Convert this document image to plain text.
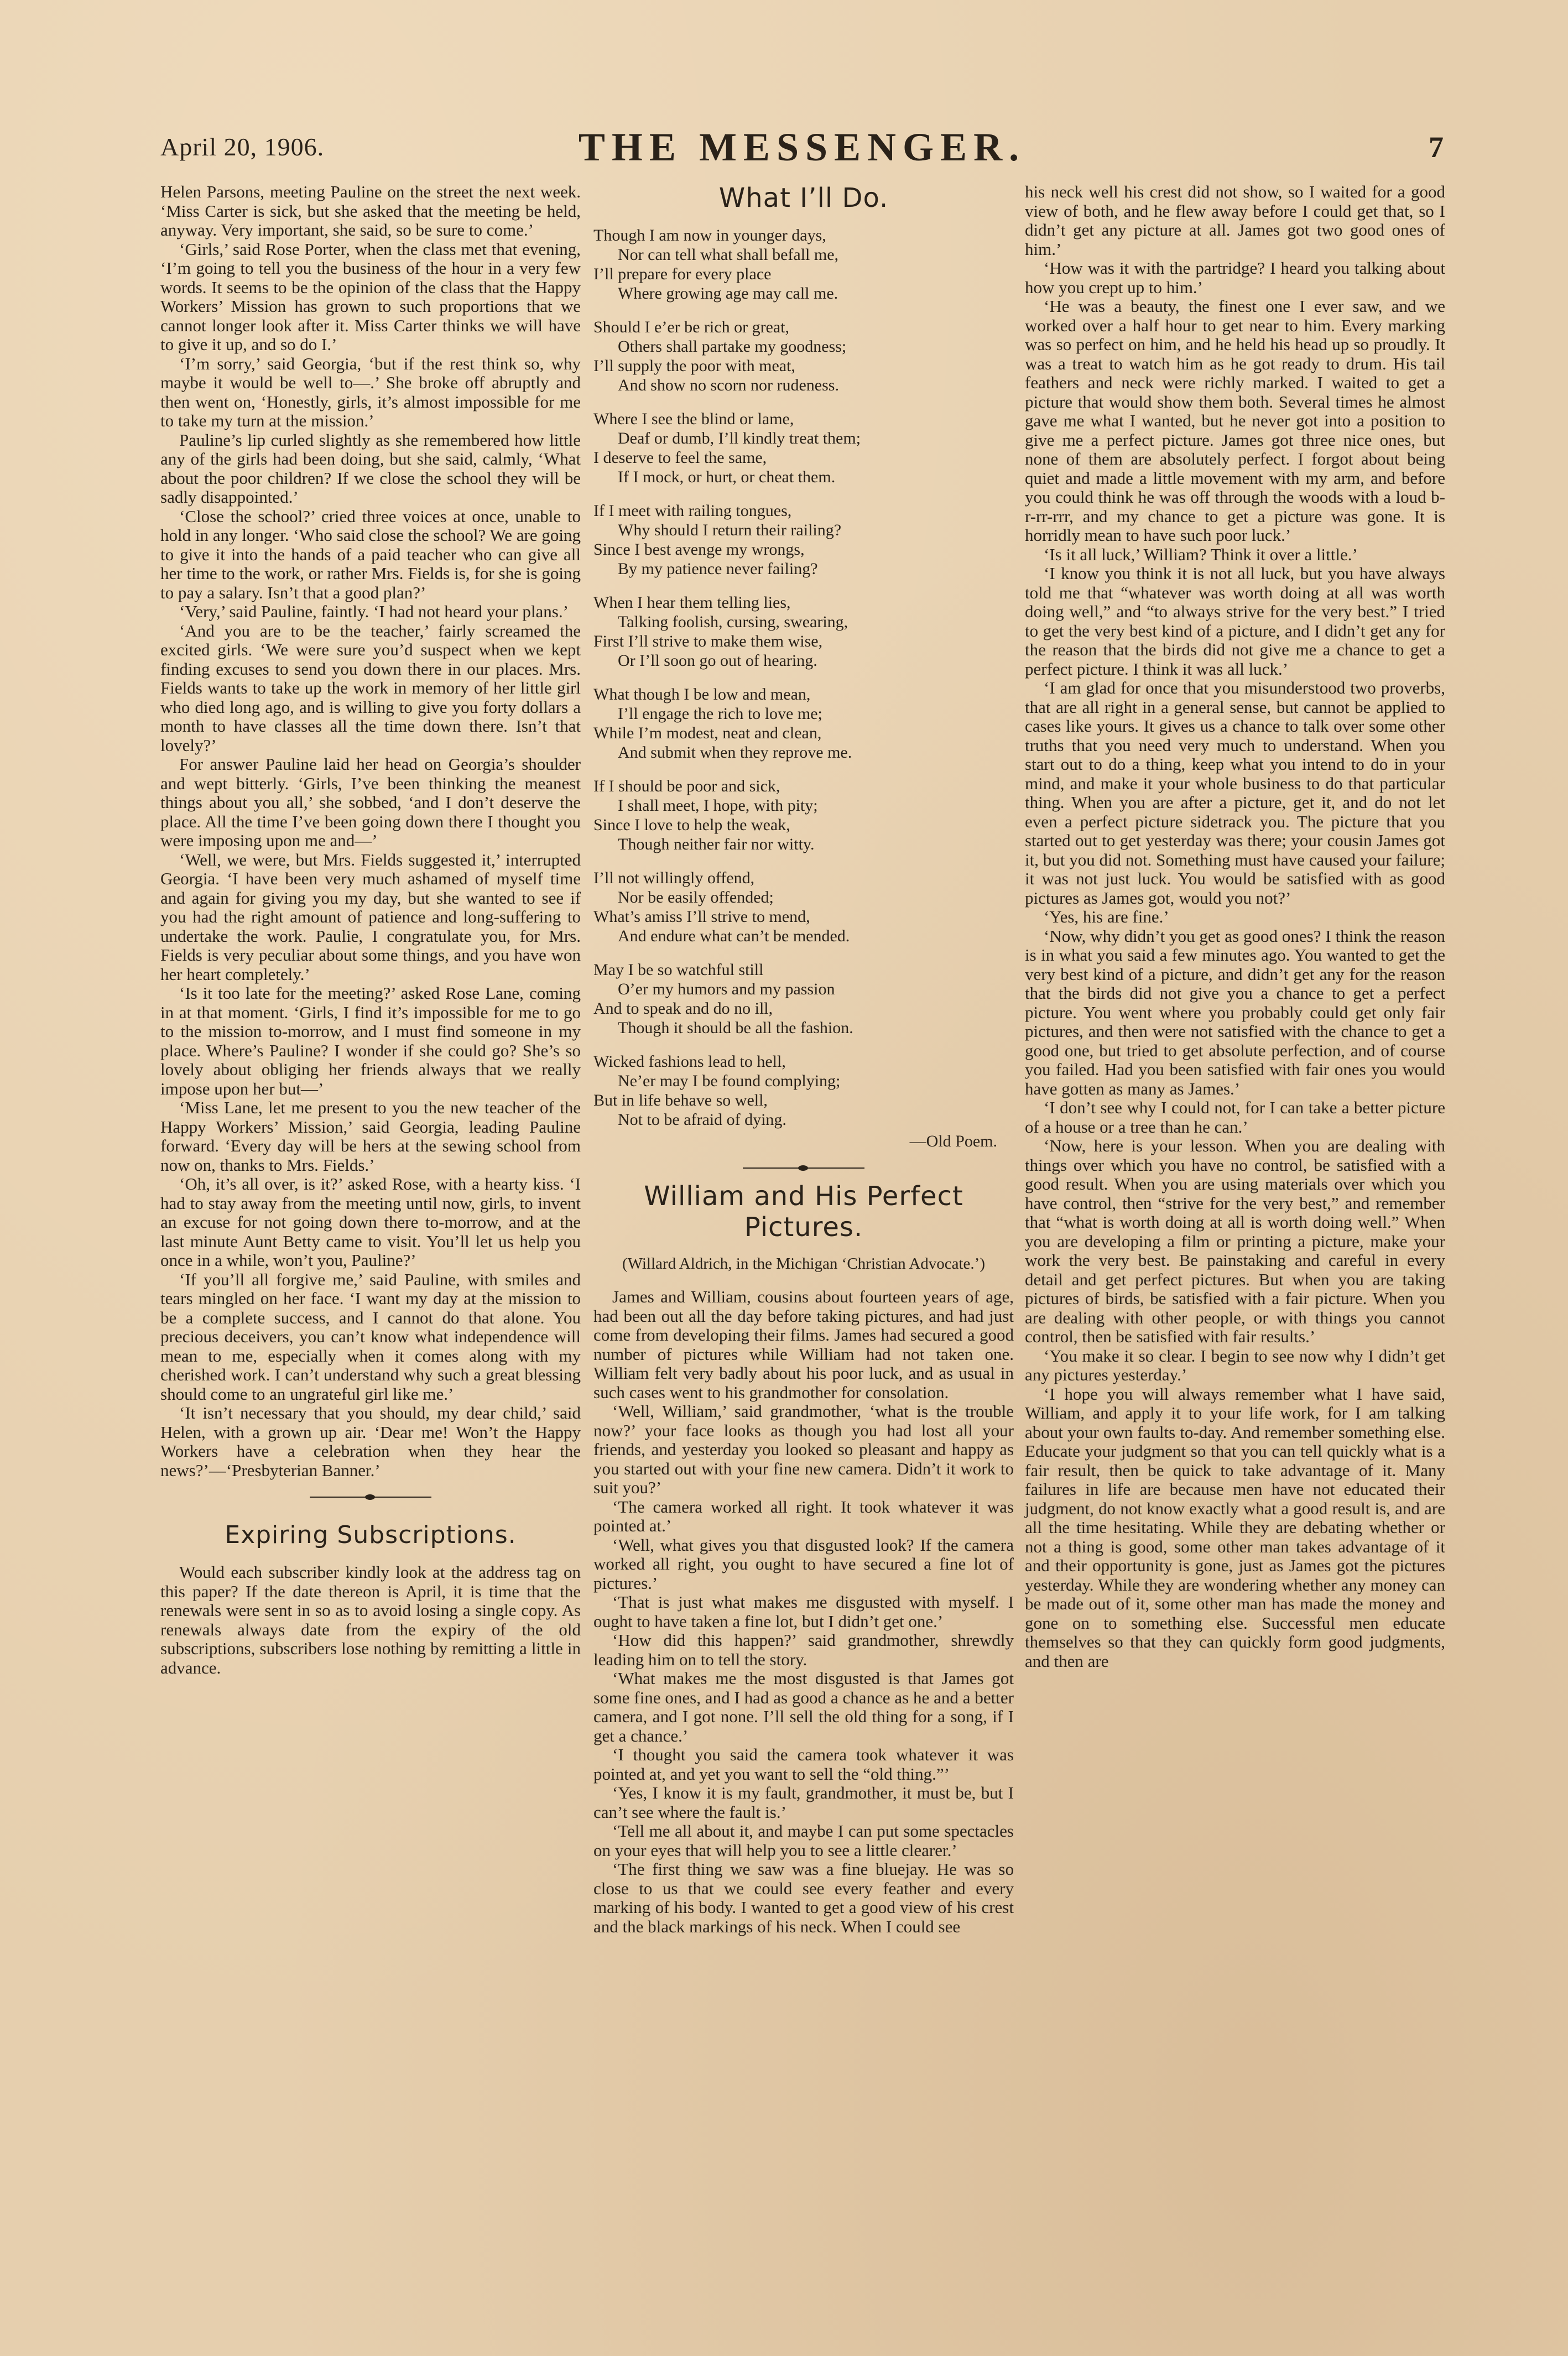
April 20, 1906.	THE MESSENGER.	7

Helen Parsons, meeting Pauline on the street the next week. ‘Miss Carter is sick, but she asked that the meeting be held, anyway. Very important, she said, so be sure to come.’

‘Girls,’ said Rose Porter, when the class met that evening, ‘I’m going to tell you the business of the hour in a very few words. It seems to be the opinion of the class that the Happy Workers’ Mission has grown to such proportions that we cannot longer look after it. Miss Carter thinks we will have to give it up, and so do I.’

‘I’m sorry,’ said Georgia, ‘but if the rest think so, why maybe it would be well to—.’ She broke off abruptly and then went on, ‘Honestly, girls, it’s almost impossible for me to take my turn at the mission.’

Pauline’s lip curled slightly as she remembered how little any of the girls had been doing, but she said, calmly, ‘What about the poor children? If we close the school they will be sadly disappointed.’

‘Close the school?’ cried three voices at once, unable to hold in any longer. ‘Who said close the school? We are going to give it into the hands of a paid teacher who can give all her time to the work, or rather Mrs. Fields is, for she is going to pay a salary. Isn’t that a good plan?’

‘Very,’ said Pauline, faintly. ‘I had not heard your plans.’

‘And you are to be the teacher,’ fairly screamed the excited girls. ‘We were sure you’d suspect when we kept finding excuses to send you down there in our places. Mrs. Fields wants to take up the work in memory of her little girl who died long ago, and is willing to give you forty dollars a month to have classes all the time down there. Isn’t that lovely?’

For answer Pauline laid her head on Georgia’s shoulder and wept bitterly. ‘Girls, I’ve been thinking the meanest things about you all,’ she sobbed, ‘and I don’t deserve the place. All the time I’ve been going down there I thought you were imposing upon me and—’

‘Well, we were, but Mrs. Fields suggested it,’ interrupted Georgia. ‘I have been very much ashamed of myself time and again for giving you my day, but she wanted to see if you had the right amount of patience and long-suffering to undertake the work. Paulie, I congratulate you, for Mrs. Fields is very peculiar about some things, and you have won her heart completely.’

‘Is it too late for the meeting?’ asked Rose Lane, coming in at that moment. ‘Girls, I find it’s impossible for me to go to the mission to-morrow, and I must find someone in my place. Where’s Pauline? I wonder if she could go? She’s so lovely about obliging her friends always that we really impose upon her but—’

‘Miss Lane, let me present to you the new teacher of the Happy Workers’ Mission,’ said Georgia, leading Pauline forward. ‘Every day will be hers at the sewing school from now on, thanks to Mrs. Fields.’

‘Oh, it’s all over, is it?’ asked Rose, with a hearty kiss. ‘I had to stay away from the meeting until now, girls, to invent an excuse for not going down there to-morrow, and at the last minute Aunt Betty came to visit. You’ll let us help you once in a while, won’t you, Pauline?’

‘If you’ll all forgive me,’ said Pauline, with smiles and tears mingled on her face. ‘I want my day at the mission to be a complete success, and I cannot do that alone. You precious deceivers, you can’t know what independence will mean to me, especially when it comes along with my cherished work. I can’t understand why such a great blessing should come to an ungrateful girl like me.’

‘It isn’t necessary that you should, my dear child,’ said Helen, with a grown up air. ‘Dear me! Won’t the Happy Workers have a celebration when they hear the news?’—‘Presbyterian Banner.’

Expiring Subscriptions.

Would each subscriber kindly look at the address tag on this paper? If the date thereon is April, it is time that the renewals were sent in so as to avoid losing a single copy. As renewals always date from the expiry of the old subscriptions, subscribers lose nothing by remitting a little in advance.

What I’ll Do.
Though I am now in younger days,
Nor can tell what shall befall me,
I’ll prepare for every place
Where growing age may call me.
Should I e’er be rich or great,
Others shall partake my goodness;
I’ll supply the poor with meat,
And show no scorn nor rudeness.
Where I see the blind or lame,
Deaf or dumb, I’ll kindly treat them;
I deserve to feel the same,
If I mock, or hurt, or cheat them.
If I meet with railing tongues,
Why should I return their railing?
Since I best avenge my wrongs,
By my patience never failing?
When I hear them telling lies,
Talking foolish, cursing, swearing,
First I’ll strive to make them wise,
Or I’ll soon go out of hearing.
What though I be low and mean,
I’ll engage the rich to love me;
While I’m modest, neat and clean,
And submit when they reprove me.
If I should be poor and sick,
I shall meet, I hope, with pity;
Since I love to help the weak,
Though neither fair nor witty.
I’ll not willingly offend,
Nor be easily offended;
What’s amiss I’ll strive to mend,
And endure what can’t be mended.
May I be so watchful still
O’er my humors and my passion
And to speak and do no ill,
Though it should be all the fashion.
Wicked fashions lead to hell,
Ne’er may I be found complying;
But in life behave so well,
Not to be afraid of dying.
—Old Poem.
William and His Perfect Pictures.
(Willard Aldrich, in the Michigan ‘Christian Advocate.’)

James and William, cousins about fourteen years of age, had been out all the day before taking pictures, and had just come from developing their films. James had secured a good number of pictures while William had not taken one. William felt very badly about his poor luck, and as usual in such cases went to his grandmother for consolation.

‘Well, William,’ said grandmother, ‘what is the trouble now?’ your face looks as though you had lost all your friends, and yesterday you looked so pleasant and happy as you started out with your fine new camera. Didn’t it work to suit you?’

‘The camera worked all right. It took whatever it was pointed at.’

‘Well, what gives you that disgusted look? If the camera worked all right, you ought to have secured a fine lot of pictures.’

‘That is just what makes me disgusted with myself. I ought to have taken a fine lot, but I didn’t get one.’

‘How did this happen?’ said grandmother, shrewdly leading him on to tell the story.

‘What makes me the most disgusted is that James got some fine ones, and I had as good a chance as he and a better camera, and I got none. I’ll sell the old thing for a song, if I get a chance.’

‘I thought you said the camera took whatever it was pointed at, and yet you want to sell the “old thing.”’

‘Yes, I know it is my fault, grandmother, it must be, but I can’t see where the fault is.’

‘Tell me all about it, and maybe I can put some spectacles on your eyes that will help you to see a little clearer.’

‘The first thing we saw was a fine bluejay. He was so close to us that we could see every feather and every marking of his body. I wanted to get a good view of his crest and the black markings of his neck. When I could see

his neck well his crest did not show, so I waited for a good view of both, and he flew away before I could get that, so I didn’t get any picture at all. James got two good ones of him.’

‘How was it with the partridge? I heard you talking about how you crept up to him.’

‘He was a beauty, the finest one I ever saw, and we worked over a half hour to get near to him. Every marking was so perfect on him, and he held his head up so proudly. It was a treat to watch him as he got ready to drum. His tail feathers and neck were richly marked. I waited to get a picture that would show them both. Several times he almost gave me what I wanted, but he never got into a position to give me a perfect picture. James got three nice ones, but none of them are absolutely perfect. I forgot about being quiet and made a little movement with my arm, and before you could think he was off through the woods with a loud b-r-rr-rrr, and my chance to get a picture was gone. It is horridly mean to have such poor luck.’

‘Is it all luck,’ William? Think it over a little.’

‘I know you think it is not all luck, but you have always told me that “whatever was worth doing at all was worth doing well,” and “to always strive for the very best.” I tried to get the very best kind of a picture, and I didn’t get any for the reason that the birds did not give me a chance to get a perfect picture. I think it was all luck.’

‘I am glad for once that you misunderstood two proverbs, that are all right in a general sense, but cannot be applied to cases like yours. It gives us a chance to talk over some other truths that you need very much to understand. When you start out to do a thing, keep what you intend to do in your mind, and make it your whole business to do that particular thing. When you are after a picture, get it, and do not let even a perfect picture sidetrack you. The picture that you started out to get yesterday was there; your cousin James got it, but you did not. Something must have caused your failure; it was not just luck. You would be satisfied with as good pictures as James got, would you not?’

‘Yes, his are fine.’

‘Now, why didn’t you get as good ones? I think the reason is in what you said a few minutes ago. You wanted to get the very best kind of a picture, and didn’t get any for the reason that the birds did not give you a chance to get a perfect picture. You went where you probably could get only fair pictures, and then were not satisfied with the chance to get a good one, but tried to get absolute perfection, and of course you failed. Had you been satisfied with fair ones you would have gotten as many as James.’

‘I don’t see why I could not, for I can take a better picture of a house or a tree than he can.’

‘Now, here is your lesson. When you are dealing with things over which you have no control, be satisfied with a good result. When you are using materials over which you have control, then “strive for the very best,” and remember that “what is worth doing at all is worth doing well.” When you are developing a film or printing a picture, make your work the very best. Be painstaking and careful in every detail and get perfect pictures. But when you are taking pictures of birds, be satisfied with a fair picture. When you are dealing with other people, or with things you cannot control, then be satisfied with fair results.’

‘You make it so clear. I begin to see now why I didn’t get any pictures yesterday.’

‘I hope you will always remember what I have said, William, and apply it to your life work, for I am talking about your own faults to-day. And remember something else. Educate your judgment so that you can tell quickly what is a fair result, then be quick to take advantage of it. Many failures in life are because men have not educated their judgment, do not know exactly what a good result is, and are all the time hesitating. While they are debating whether or not a thing is good, some other man takes advantage of it and their opportunity is gone, just as James got the pictures yesterday. While they are wondering whether any money can be made out of it, some other man has made the money and gone on to something else. Successful men educate themselves so that they can quickly form good judgments, and then are
